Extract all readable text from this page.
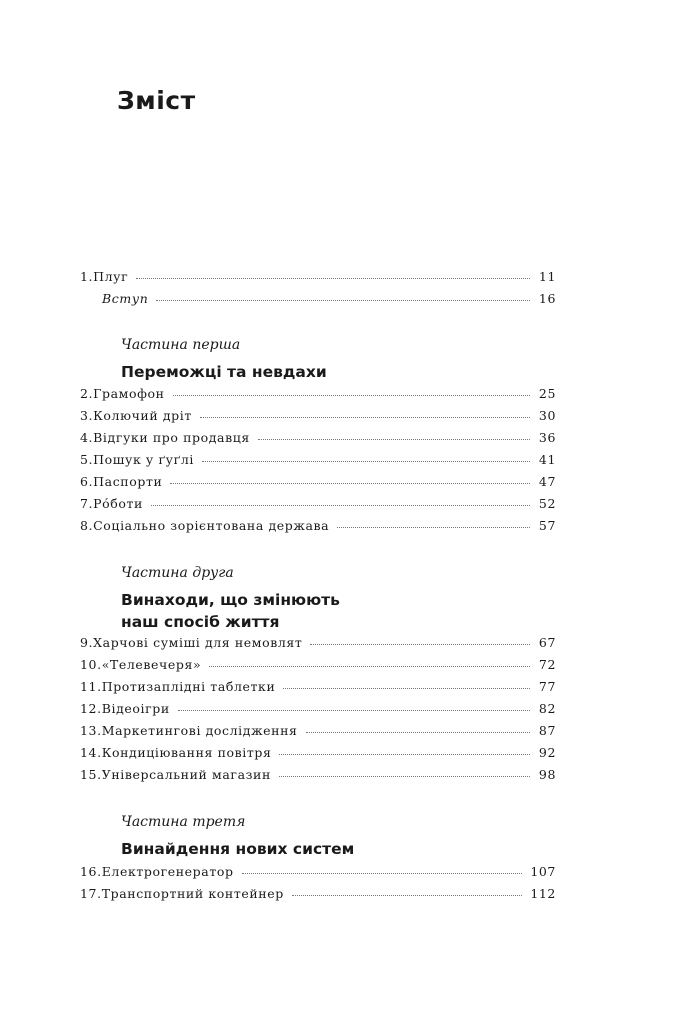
Зміст
1. Плуг	11
Вступ	16
Частина перша
Переможці та невдахи
2. Грамофон	25
3. Колючий дріт	30
4. Відгуки про продавця	36
5. Пошук у ґуґлі	41
6. Паспорти	47
7. Рóботи	52
8. Соціально зорієнтована держава	57
Частина друга
Винаходи, що змінюють
наш спосіб життя
9. Харчові суміші для немовлят	67
10. «Телевечеря»	72
11. Протизаплідні таблетки	77
12. Відеоігри	82
13. Маркетингові дослідження	87
14. Кондиціювання повітря	92
15. Універсальний магазин	98
Частина третя
Винайдення нових систем
16. Електрогенератор	107
17. Транспортний контейнер	112
